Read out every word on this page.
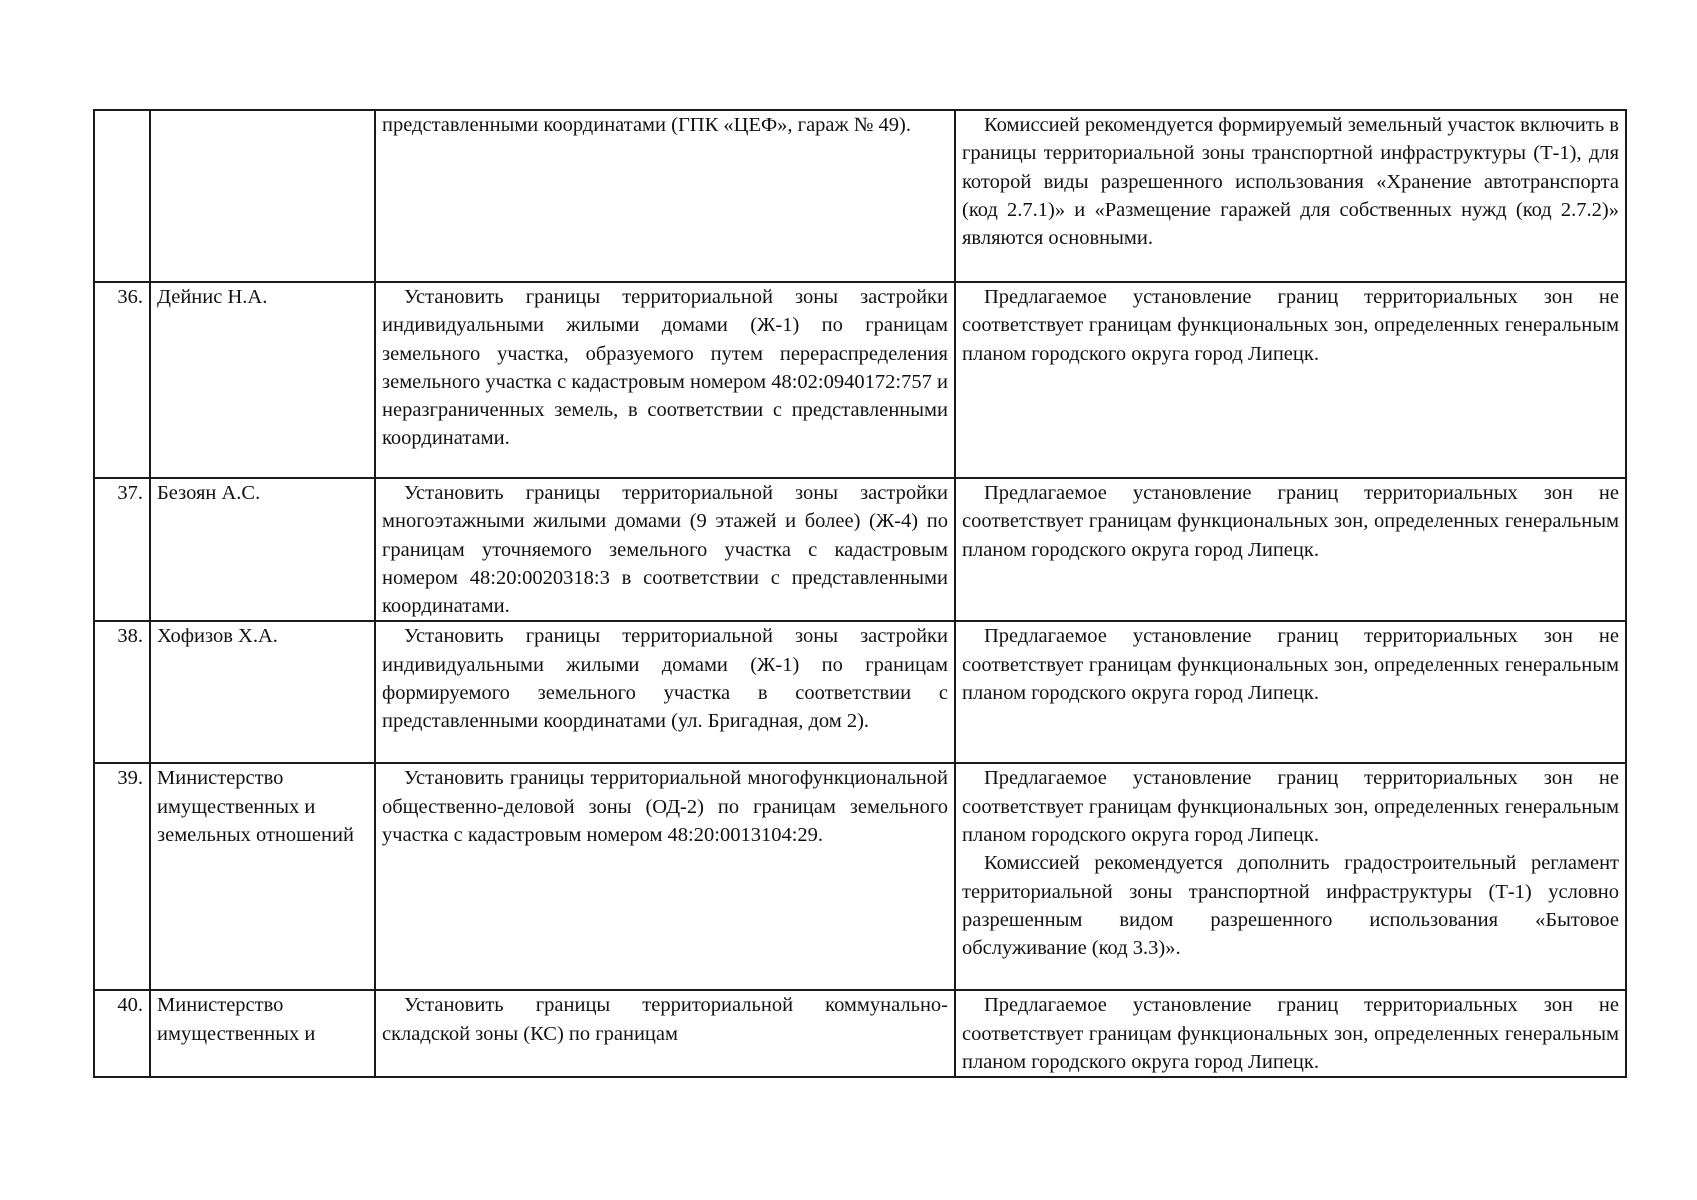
		представленными координатами (ГПК «ЦЕФ», гараж № 49).	Комиссией рекомендуется формируемый земельный участок включить в границы территориальной зоны транспортной инфраструктуры (Т-1), для которой виды разрешенного использования «Хранение автотранспорта (код 2.7.1)» и «Размещение гаражей для собственных нужд (код 2.7.2)» являются основными.

36.	Дейнис Н.А.	Установить границы территориальной зоны застройки индивидуальными жилыми домами (Ж-1) по границам земельного участка, образуемого путем перераспределения земельного участка с кадастровым номером 48:02:0940172:757 и неразграниченных земель, в соответствии с представленными координатами.	Предлагаемое установление границ территориальных зон не соответствует границам функциональных зон, определенных генеральным планом городского округа город Липецк.

37.	Безоян А.С.	Установить границы территориальной зоны застройки многоэтажными жилыми домами (9 этажей и более) (Ж-4) по границам уточняемого земельного участка с кадастровым номером 48:20:0020318:3 в соответствии с представленными координатами.	Предлагаемое установление границ территориальных зон не соответствует границам функциональных зон, определенных генеральным планом городского округа город Липецк.

38.	Хофизов Х.А.	Установить границы территориальной зоны застройки индивидуальными жилыми домами (Ж-1) по границам формируемого земельного участка в соответствии с представленными координатами (ул. Бригадная, дом 2).	Предлагаемое установление границ территориальных зон не соответствует границам функциональных зон, определенных генеральным планом городского округа город Липецк.

39.	Министерство имущественных и земельных отношений	Установить границы территориальной многофункциональной общественно-деловой зоны (ОД-2) по границам земельного участка с кадастровым номером 48:20:0013104:29.	Предлагаемое установление границ территориальных зон не соответствует границам функциональных зон, определенных генеральным планом городского округа город Липецк.
Комиссией рекомендуется дополнить градостроительный регламент территориальной зоны транспортной инфраструктуры (Т-1) условно разрешенным видом разрешенного использования «Бытовое обслуживание (код 3.3)».

40.	Министерство имущественных и	Установить границы территориальной коммунально-складской зоны (КС) по границам	Предлагаемое установление границ территориальных зон не соответствует границам функциональных зон, определенных генеральным планом городского округа город Липецк.
